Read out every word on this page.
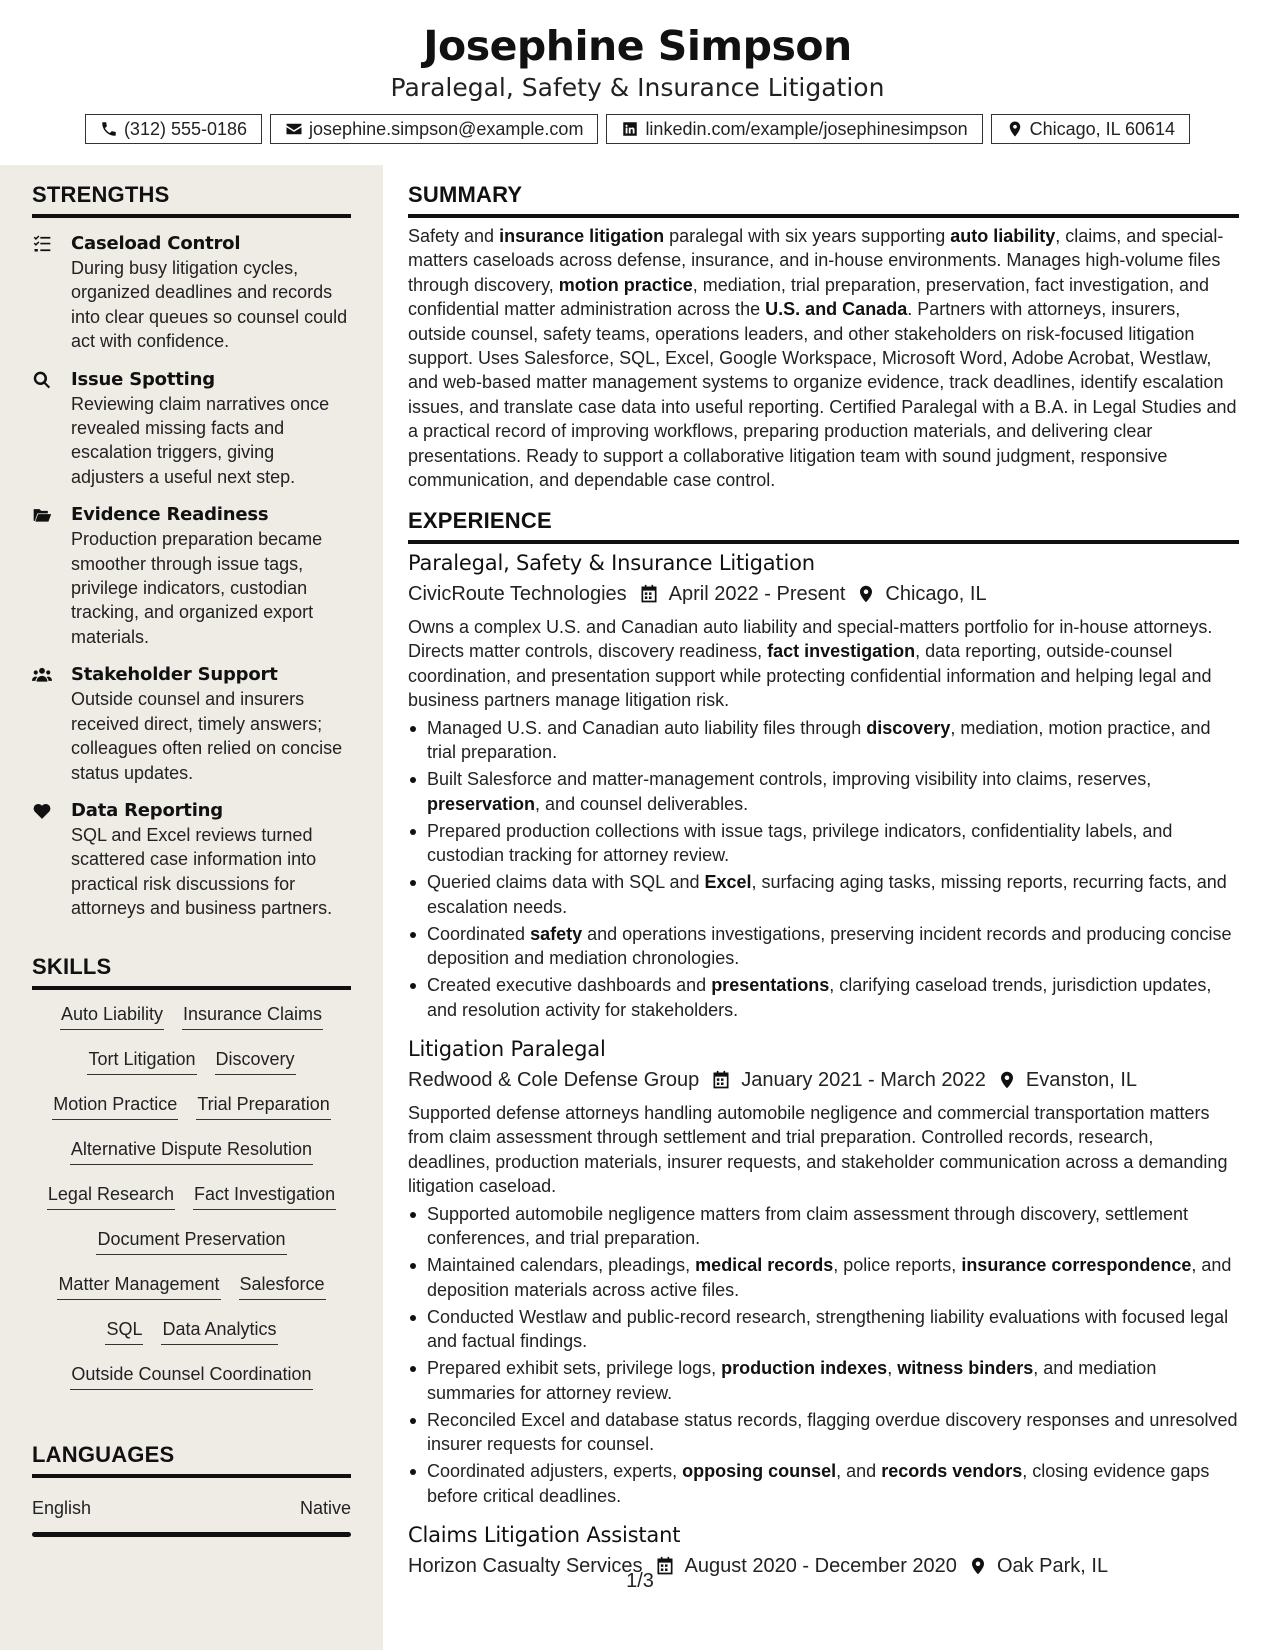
Josephine Simpson
Paralegal, Safety & Insurance Litigation
(312) 555-0186	josephine.simpson@example.com	linkedin.com/example/josephinesimpson	Chicago, IL 60614
STRENGTHS
Caseload Control
During busy litigation cycles, organized deadlines and records into clear queues so counsel could act with confidence.
Issue Spotting
Reviewing claim narratives once revealed missing facts and escalation triggers, giving adjusters a useful next step.
Evidence Readiness
Production preparation became smoother through issue tags, privilege indicators, custodian tracking, and organized export materials.
Stakeholder Support
Outside counsel and insurers received direct, timely answers; colleagues often relied on concise status updates.
Data Reporting
SQL and Excel reviews turned scattered case information into practical risk discussions for attorneys and business partners.
SKILLS
Auto Liability Insurance Claims
Tort Litigation Discovery
Motion Practice Trial Preparation
Alternative Dispute Resolution
Legal Research Fact Investigation
Document Preservation
Matter Management Salesforce
SQL Data Analytics
Outside Counsel Coordination
LANGUAGES
English	Native
SUMMARY
Safety and insurance litigation paralegal with six years supporting auto liability, claims, and special-matters caseloads across defense, insurance, and in-house environments. Manages high-volume files through discovery, motion practice, mediation, trial preparation, preservation, fact investigation, and confidential matter administration across the U.S. and Canada. Partners with attorneys, insurers, outside counsel, safety teams, operations leaders, and other stakeholders on risk-focused litigation support. Uses Salesforce, SQL, Excel, Google Workspace, Microsoft Word, Adobe Acrobat, Westlaw, and web-based matter management systems to organize evidence, track deadlines, identify escalation issues, and translate case data into useful reporting. Certified Paralegal with a B.A. in Legal Studies and a practical record of improving workflows, preparing production materials, and delivering clear presentations. Ready to support a collaborative litigation team with sound judgment, responsive communication, and dependable case control.
EXPERIENCE
Paralegal, Safety & Insurance Litigation
CivicRoute Technologies April 2022 - Present Chicago, IL
Owns a complex U.S. and Canadian auto liability and special-matters portfolio for in-house attorneys. Directs matter controls, discovery readiness, fact investigation, data reporting, outside-counsel coordination, and presentation support while protecting confidential information and helping legal and business partners manage litigation risk.
Managed U.S. and Canadian auto liability files through discovery, mediation, motion practice, and trial preparation.
Built Salesforce and matter-management controls, improving visibility into claims, reserves, preservation, and counsel deliverables.
Prepared production collections with issue tags, privilege indicators, confidentiality labels, and custodian tracking for attorney review.
Queried claims data with SQL and Excel, surfacing aging tasks, missing reports, recurring facts, and escalation needs.
Coordinated safety and operations investigations, preserving incident records and producing concise deposition and mediation chronologies.
Created executive dashboards and presentations, clarifying caseload trends, jurisdiction updates, and resolution activity for stakeholders.
Litigation Paralegal
Redwood & Cole Defense Group January 2021 - March 2022 Evanston, IL
Supported defense attorneys handling automobile negligence and commercial transportation matters from claim assessment through settlement and trial preparation. Controlled records, research, deadlines, production materials, insurer requests, and stakeholder communication across a demanding litigation caseload.
Supported automobile negligence matters from claim assessment through discovery, settlement conferences, and trial preparation.
Maintained calendars, pleadings, medical records, police reports, insurance correspondence, and deposition materials across active files.
Conducted Westlaw and public-record research, strengthening liability evaluations with focused legal and factual findings.
Prepared exhibit sets, privilege logs, production indexes, witness binders, and mediation summaries for attorney review.
Reconciled Excel and database status records, flagging overdue discovery responses and unresolved insurer requests for counsel.
Coordinated adjusters, experts, opposing counsel, and records vendors, closing evidence gaps before critical deadlines.
Claims Litigation Assistant
Horizon Casualty Services August 2020 - December 2020 Oak Park, IL
1/3
